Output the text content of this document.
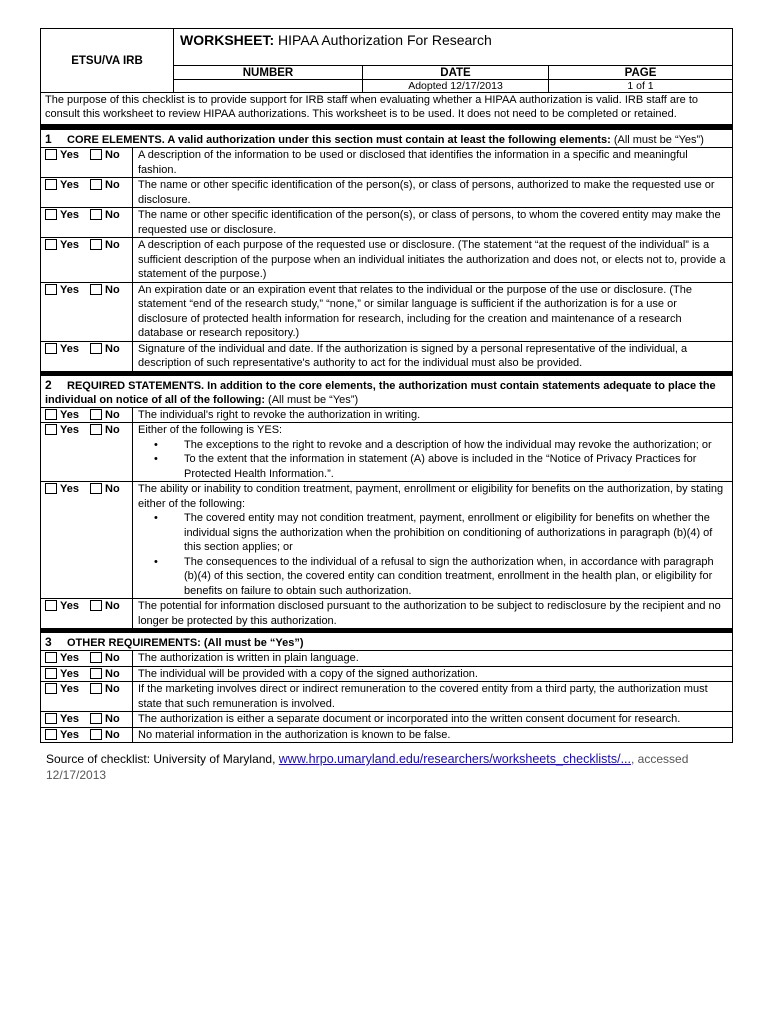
ETSU/VA IRB	WORKSHEET: HIPAA Authorization For Research		
	NUMBER	DATE	PAGE
		Adopted 12/17/2013	1 of 1
The purpose of this checklist is to provide support for IRB staff when evaluating whether a HIPAA authorization is valid. IRB staff are to consult this worksheet to review HIPAA authorizations. This worksheet is to be used. It does not need to be completed or retained.
1 CORE ELEMENTS. A valid authorization under this section must contain at least the following elements: (All must be “Yes”)
Yes	No	A description of the information to be used or disclosed that identifies the information in a specific and meaningful fashion.
Yes	No	The name or other specific identification of the person(s), or class of persons, authorized to make the requested use or disclosure.
Yes	No	The name or other specific identification of the person(s), or class of persons, to whom the covered entity may make the requested use or disclosure.
Yes	No	A description of each purpose of the requested use or disclosure. (The statement “at the request of the individual” is a sufficient description of the purpose when an individual initiates the authorization and does not, or elects not to, provide a statement of the purpose.)
Yes	No	An expiration date or an expiration event that relates to the individual or the purpose of the use or disclosure. (The statement “end of the research study,” “none,” or similar language is sufficient if the authorization is for a use or disclosure of protected health information for research, including for the creation and maintenance of a research database or research repository.)
Yes	No	Signature of the individual and date. If the authorization is signed by a personal representative of the individual, a description of such representative's authority to act for the individual must also be provided.
2 REQUIRED STATEMENTS. In addition to the core elements, the authorization must contain statements adequate to place the individual on notice of all of the following: (All must be “Yes”)
Yes	No	The individual's right to revoke the authorization in writing.
Yes	No	Either of the following is YES:
• The exceptions to the right to revoke and a description of how the individual may revoke the authorization; or
• To the extent that the information in statement (A) above is included in the “Notice of Privacy Practices for Protected Health Information.”.

Yes	No	The ability or inability to condition treatment, payment, enrollment or eligibility for benefits on the authorization, by stating either of the following:
• The covered entity may not condition treatment, payment, enrollment or eligibility for benefits on whether the individual signs the authorization when the prohibition on conditioning of authorizations in paragraph (b)(4) of this section applies; or
• The consequences to the individual of a refusal to sign the authorization when, in accordance with paragraph (b)(4) of this section, the covered entity can condition treatment, enrollment in the health plan, or eligibility for benefits on failure to obtain such authorization.

Yes	No	The potential for information disclosed pursuant to the authorization to be subject to redisclosure by the recipient and no longer be protected by this authorization.
3 OTHER REQUIREMENTS: (All must be “Yes”)
Yes	No	The authorization is written in plain language.
Yes	No	The individual will be provided with a copy of the signed authorization.
Yes	No	If the marketing involves direct or indirect remuneration to the covered entity from a third party, the authorization must state that such remuneration is involved.
Yes	No	The authorization is either a separate document or incorporated into the written consent document for research.
Yes	No	No material information in the authorization is known to be false.
Source of checklist: University of Maryland, www.hrpo.umaryland.edu/researchers/worksheets_checklists/..., accessed
12/17/2013
